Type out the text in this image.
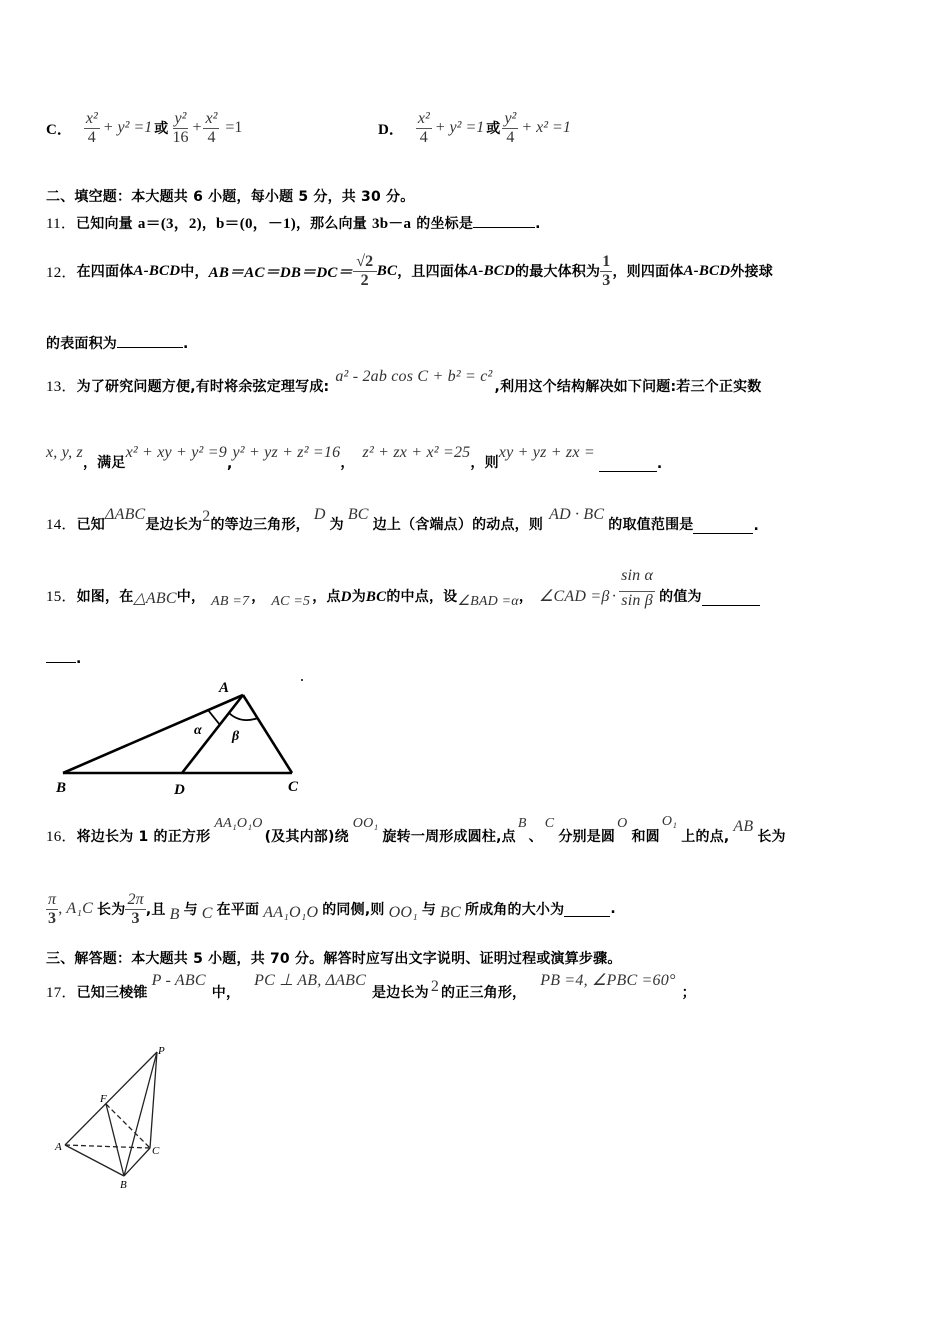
C． $\frac{\text{x²}}{4} + y^2 =1$ 或 $\frac{\text{y²}}{16} + \frac{\text{x²}}{4} =1$	D． $\frac{\text{x²}}{4} + y^2 =1$ 或 $\frac{\text{y²}}{4} + x^2 =1$
二、填空题：本大题共 6 小题，每小题 5 分，共 30 分。
11．已知向量 a＝(3，2)，b＝(0，－1)，那么向量 3b－a 的坐标是	.
12． 在四面体 A-BCD 中， $AB=AC=DB=DC= \frac{√2}{2}$ BC ，且四面体 A-BCD 的最大体积为 $\frac{1}{3}$ ，则四面体 A-BCD 外接球
的表面积为	.
13． 为了研究问题方便,有时将余弦定理写成:
a² - 2ab cos C + b² = c²
,利用这个结构解决如下问题:若三个正实数
x, y, z
，满足
x² + xy + y² =9
,
y² + yz + z² =16
，
z² + zx + x² =25
，则
xy + yz + zx =
.
14． 已知
ΔABC
是边长为 2 的等边三角形，
D
为
BC
边上（含端点）的动点，则
AD · BC
的取值范围是	.
15． 如图，在 △ABC 中， AB =7 ， AC =5 ，点 D 为 BC 的中点，设 ∠BAD =α ， ∠CAD $=\beta \cdot \frac{\text{sin α}}{\text{sin β}}$ 的值为
.
A
B	D	C
α β
16． 将边长为 1 的正方形
AA₁O₁O
(及其内部)绕
OO₁
旋转一周形成圆柱,点
B
、
C
分别是圆
O
和圆
O₁
上的点,
AB
长为
$\frac{\pi}{3}$ , A₁C 长为 $\frac{2\pi}{3}$ ,且 B 与 C 在平面 AA₁O₁O 的同侧,则 OO₁ 与 BC 所成角的大小为	.
三、解答题：本大题共 5 小题，共 70 分。解答时应写出文字说明、证明过程或演算步骤。
17． 已知三棱锥
P - ABC
中，
PC ⊥ AB, ΔABC
是边长为 2 的正三角形，
PB =4, ∠PBC =60°
；
P
F
A	C
B
